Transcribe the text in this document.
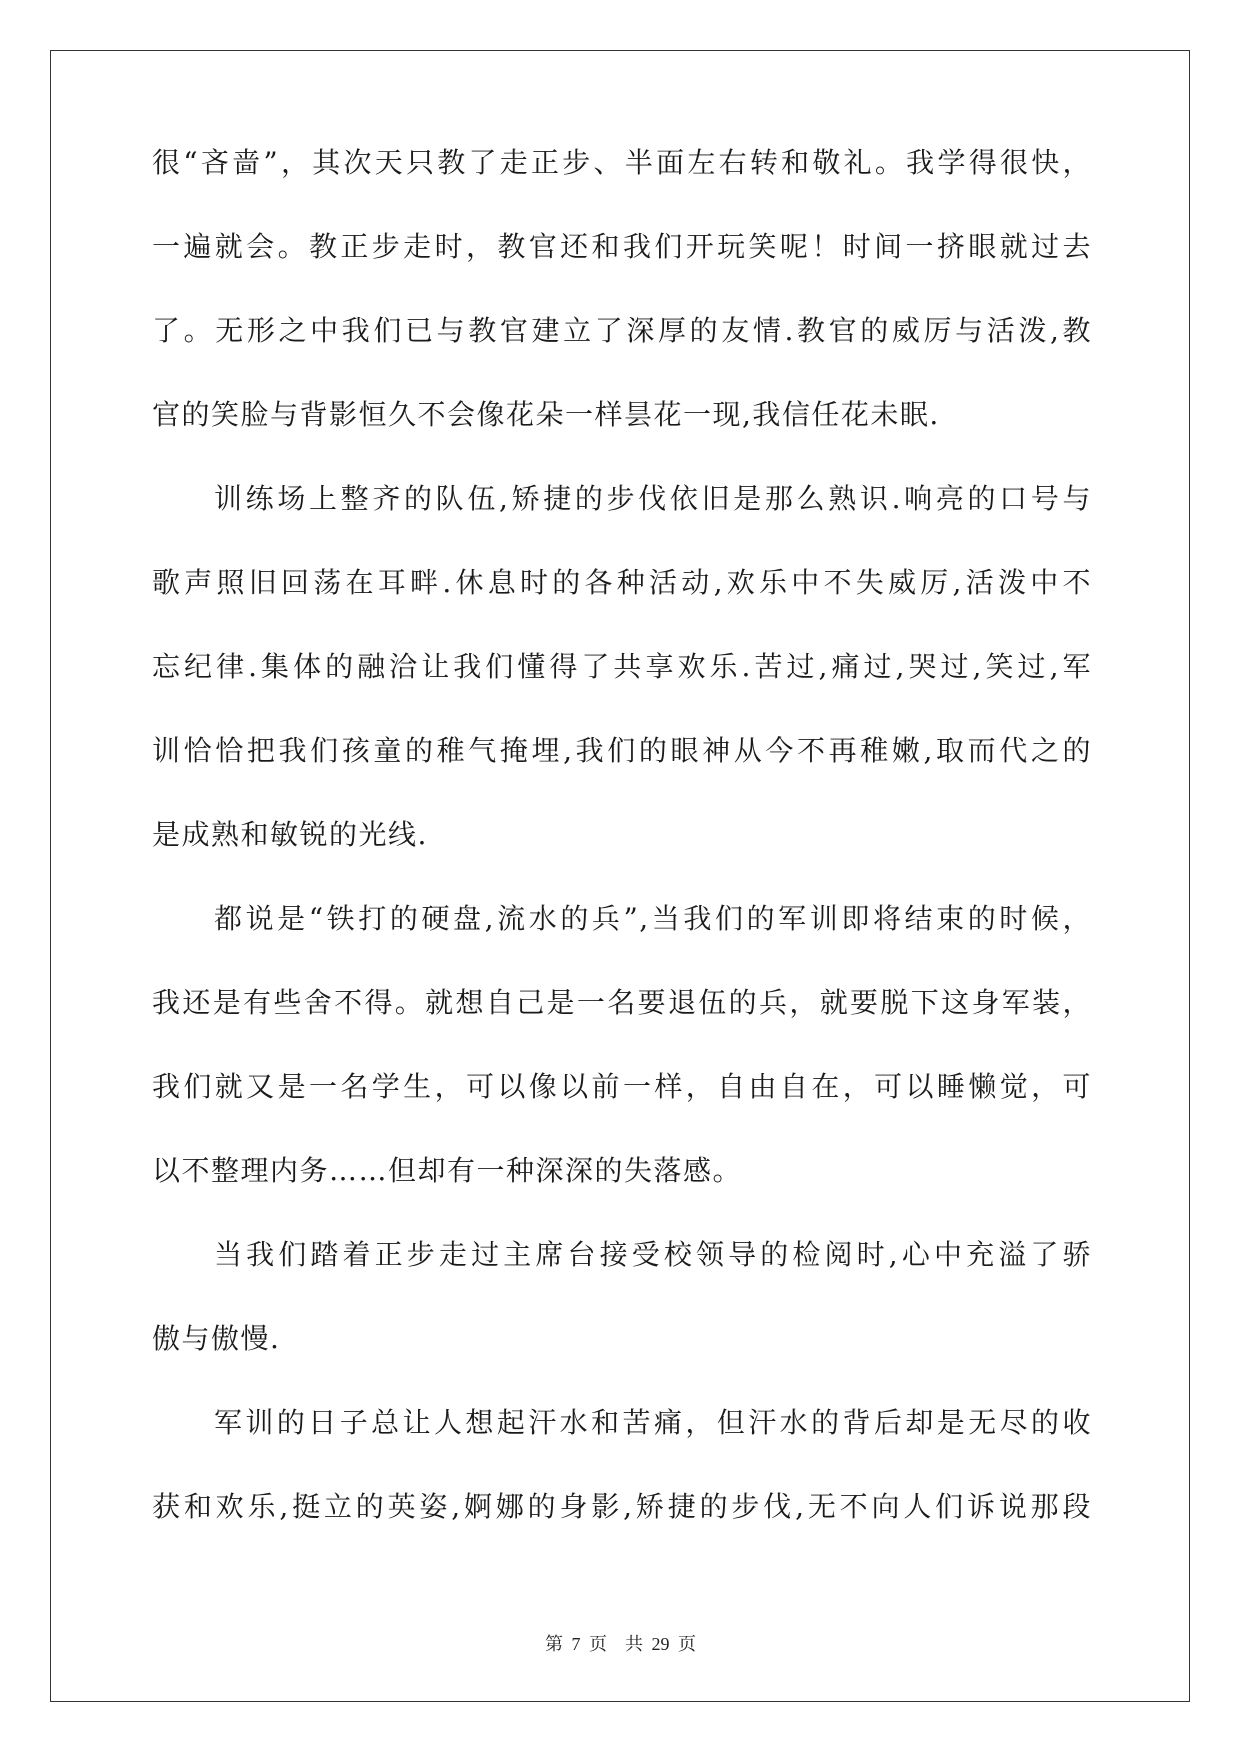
很“吝啬”，其次天只教了走正步、半面左右转和敬礼。我学得很快，
一遍就会。教正步走时，教官还和我们开玩笑呢！时间一挤眼就过去
了。无形之中我们已与教官建立了深厚的友情.教官的威厉与活泼,教
官的笑脸与背影恒久不会像花朵一样昙花一现,我信任花未眠.
训练场上整齐的队伍,矫捷的步伐依旧是那么熟识.响亮的口号与
歌声照旧回荡在耳畔.休息时的各种活动,欢乐中不失威厉,活泼中不
忘纪律.集体的融洽让我们懂得了共享欢乐.苦过,痛过,哭过,笑过,军
训恰恰把我们孩童的稚气掩埋,我们的眼神从今不再稚嫩,取而代之的
是成熟和敏锐的光线.
都说是“铁打的硬盘,流水的兵”,当我们的军训即将结束的时候，
我还是有些舍不得。就想自己是一名要退伍的兵，就要脱下这身军装，
我们就又是一名学生，可以像以前一样，自由自在，可以睡懒觉，可
以不整理内务……但却有一种深深的失落感。
当我们踏着正步走过主席台接受校领导的检阅时,心中充溢了骄
傲与傲慢.
军训的日子总让人想起汗水和苦痛，但汗水的背后却是无尽的收
获和欢乐,挺立的英姿,婀娜的身影,矫捷的步伐,无不向人们诉说那段
第 7 页　共 29 页
